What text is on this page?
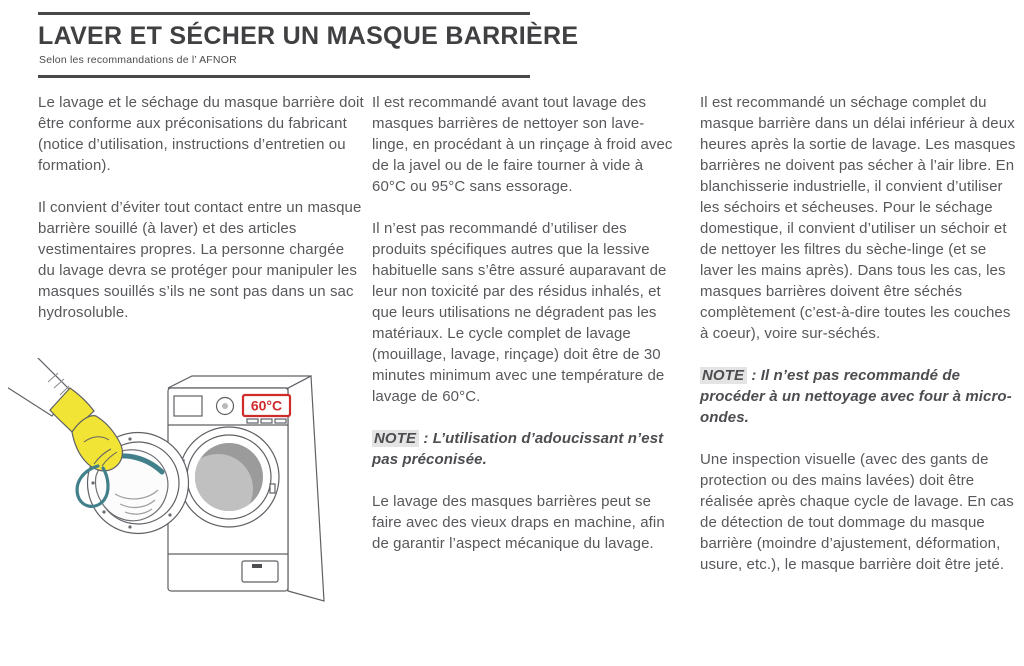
LAVER ET SÉCHER UN MASQUE BARRIÈRE
Selon les recommandations de l’ AFNOR

Le lavage et le séchage du masque barrière doit être conforme aux préconisations du fabricant (notice d’utilisation, instructions d’entretien ou formation).

Il convient d’éviter tout contact entre un masque barrière souillé (à laver) et des articles vestimentaires propres. La personne chargée du lavage devra se protéger pour manipuler les masques souillés s’ils ne sont pas dans un sac hydrosoluble.

Il est recommandé avant tout lavage des masques barrières de nettoyer son lave-linge, en procédant à un rinçage à froid avec de la javel ou de le faire tourner à vide à 60°C ou 95°C sans essorage.

Il n’est pas recommandé d’utiliser des produits spécifiques autres que la lessive habituelle sans s’être assuré auparavant de leur non toxicité par des résidus inhalés, et que leurs utilisations ne dégradent pas les matériaux. Le cycle complet de lavage (mouillage, lavage, rinçage) doit être de 30 minutes minimum avec une température de lavage de 60°C.

NOTE : L’utilisation d’adoucissant n’est pas préconisée.

Le lavage des masques barrières peut se faire avec des vieux draps en machine, afin de garantir l’aspect mécanique du lavage.

Il est recommandé un séchage complet du masque barrière dans un délai inférieur à deux heures après la sortie de lavage. Les masques barrières ne doivent pas sécher à l’air libre. En blanchisserie industrielle, il convient d’utiliser les séchoirs et sécheuses. Pour le séchage domestique, il convient d’utiliser un séchoir et de nettoyer les filtres du sèche-linge (et se laver les mains après). Dans tous les cas, les masques barrières doivent être séchés complètement (c’est-à-dire toutes les couches à coeur), voire sur-séchés.

NOTE : Il n’est pas recommandé de procéder à un nettoyage avec four à micro-ondes.

Une inspection visuelle (avec des gants de protection ou des mains lavées) doit être réalisée après chaque cycle de lavage. En cas de détection de tout dommage du masque barrière (moindre d’ajustement, déformation, usure, etc.), le masque barrière doit être jeté.

60°C
